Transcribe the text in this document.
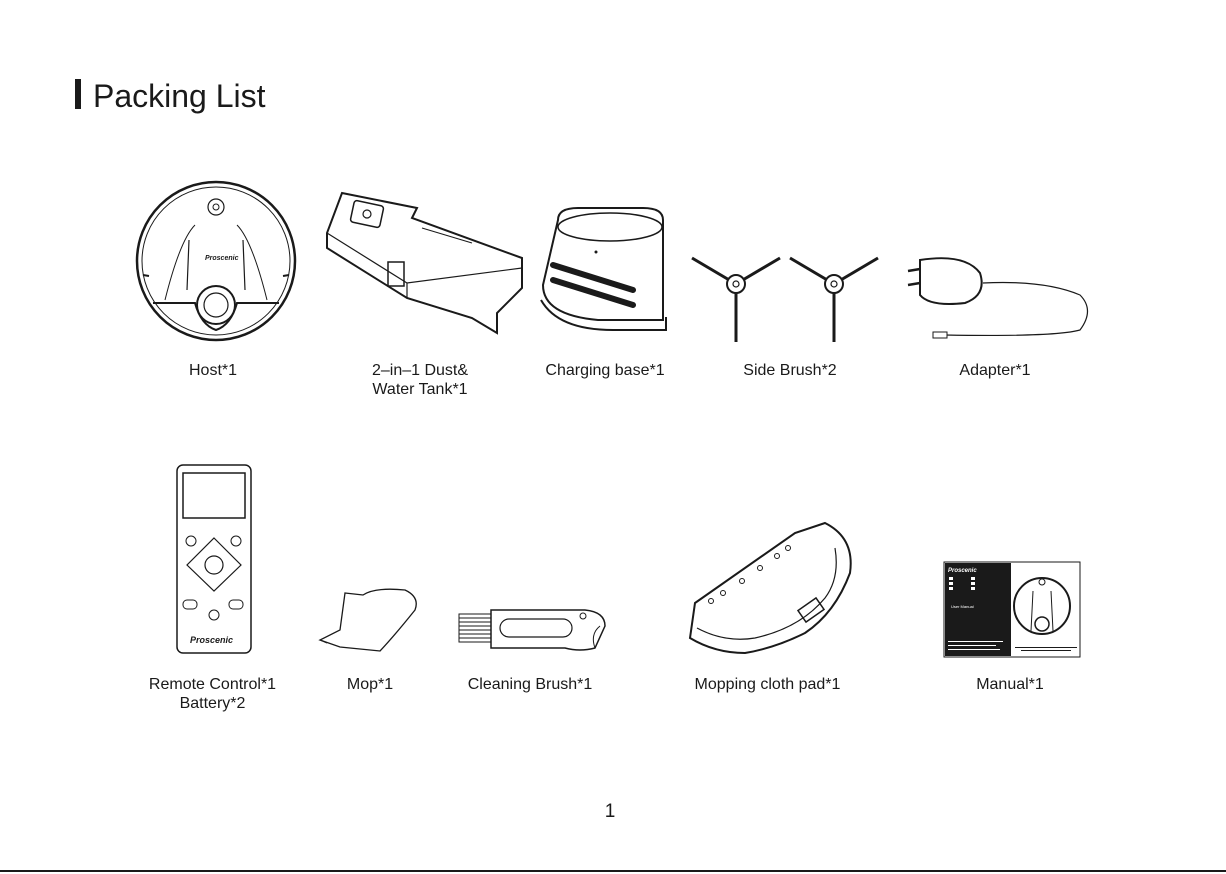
Packing List
Proscenic
Host*1	2–in–1 Dust&
Water Tank*1
Charging base*1	Side Brush*2	Adapter*1
Proscenic
Remote Control*1
Battery*2
Mop*1	Cleaning Brush*1	Mopping cloth pad*1
Proscenic
User Manual
Manual*1
1
